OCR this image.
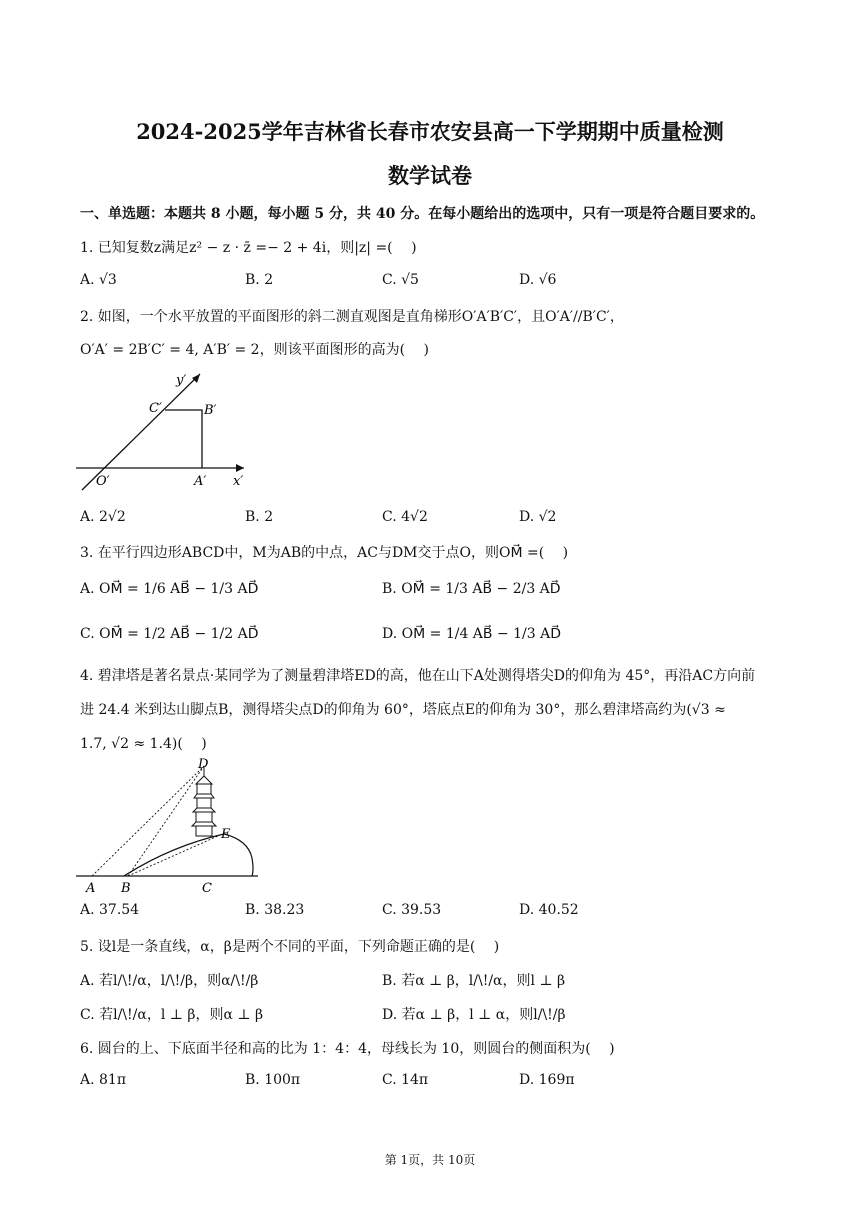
2024-2025学年吉林省长春市农安县高一下学期期中质量检测
数学试卷
一、单选题：本题共 8 小题，每小题 5 分，共 40 分。在每小题给出的选项中，只有一项是符合题目要求的。
1. 已知复数z满足z² − z · z̄ =− 2 + 4i，则|z| =(　 )
A. √3	B. 2	C. √5	D. √6
2. 如图，一个水平放置的平面图形的斜二测直观图是直角梯形O′A′B′C′，且O′A′//B′C′，
O′A′ = 2B′C′ = 4, A′B′ = 2，则该平面图形的高为(　 )
y′
C′	B′
O′	A′ x′
A. 2√2	B. 2	C. 4√2	D. √2
3. 在平行四边形ABCD中，M为AB的中点，AC与DM交于点O，则OM⃗ =(　 )
A. OM⃗ = 1/6 AB⃗ − 1/3 AD⃗	B. OM⃗ = 1/3 AB⃗ − 2/3 AD⃗
C. OM⃗ = 1/2 AB⃗ − 1/2 AD⃗	D. OM⃗ = 1/4 AB⃗ − 1/3 AD⃗
4. 碧津塔是著名景点·某同学为了测量碧津塔ED的高，他在山下A处测得塔尖D的仰角为 45°，再沿AC方向前
进 24.4 米到达山脚点B，测得塔尖点D的仰角为 60°，塔底点E的仰角为 30°，那么碧津塔高约为(√3 ≈
1.7, √2 ≈ 1.4)(　 )
D
E
A B	C
A. 37.54	B. 38.23	C. 39.53	D. 40.52
5. 设l是一条直线，α，β是两个不同的平面，下列命题正确的是(　 )
A. 若l/\!/α，l/\!/β，则α/\!/β	B. 若α ⊥ β，l/\!/α，则l ⊥ β
C. 若l/\!/α，l ⊥ β，则α ⊥ β	D. 若α ⊥ β，l ⊥ α，则l/\!/β
6. 圆台的上、下底面半径和高的比为 1：4：4，母线长为 10，则圆台的侧面积为(　 )
A. 81π	B. 100π	C. 14π	D. 169π
第 1页，共 10页
